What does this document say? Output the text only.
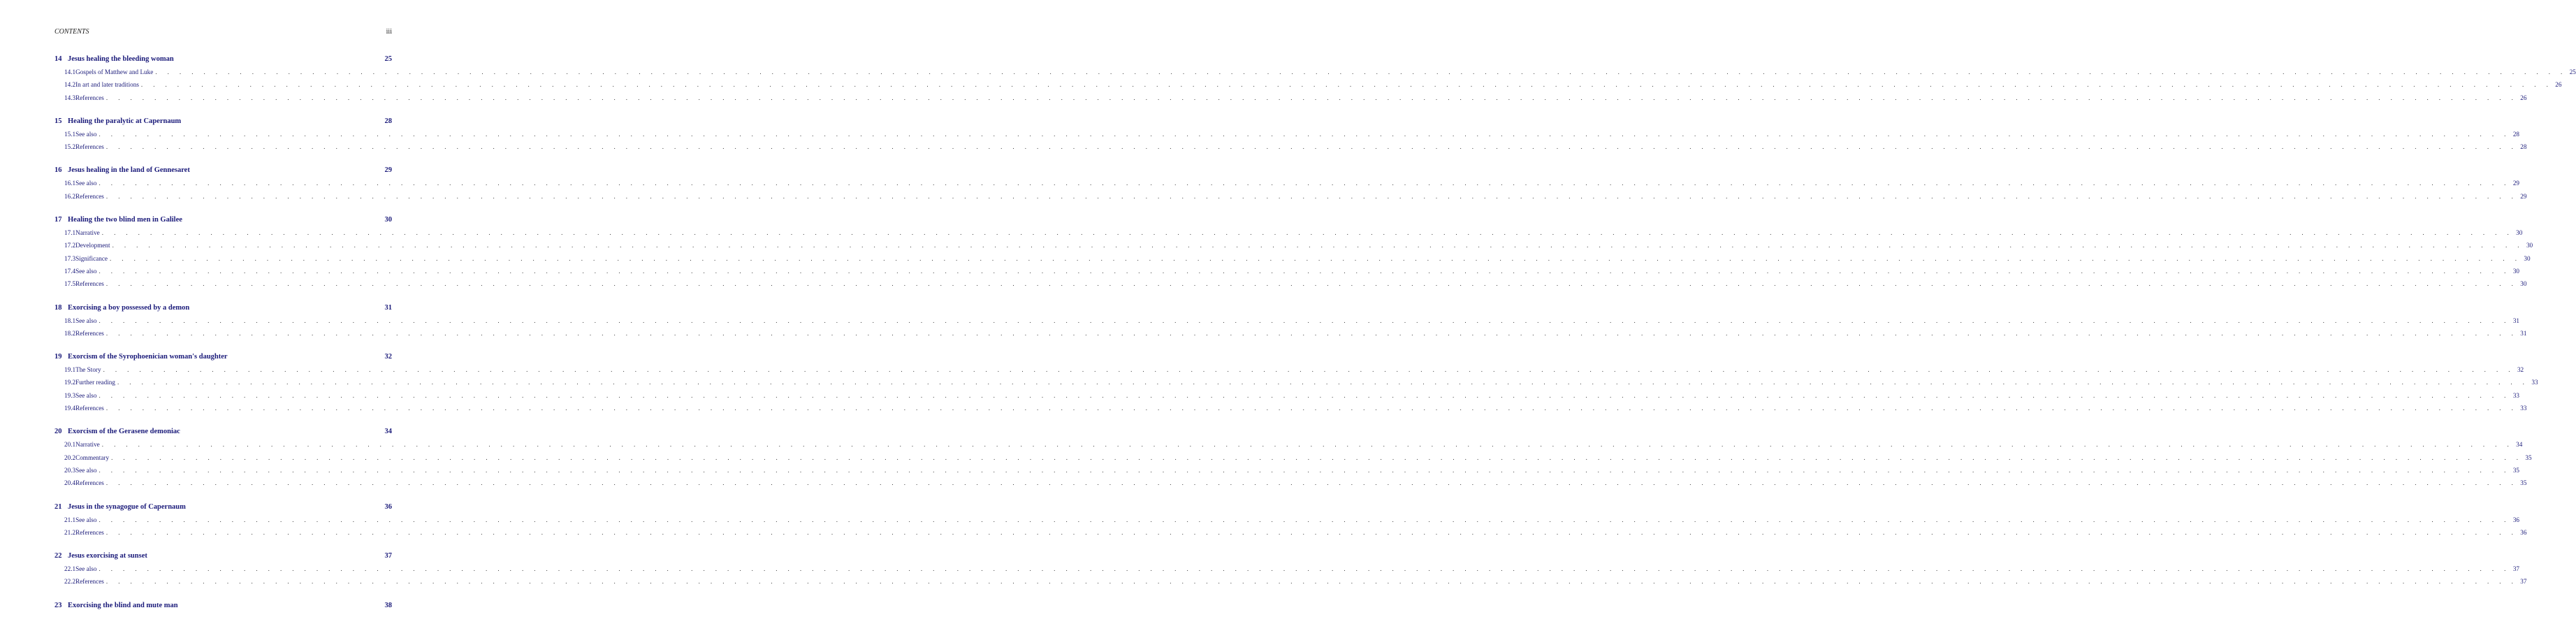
CONTENTS	iii
14 Jesus healing the bleeding woman	25
14.1 Gospels of Matthew and Luke . . . . . . . . . . . . . . . . . . . . . . . . . . . . . . . . . . . . . . . . . . . . . . . . . . . . . . . . . . . . . . . . . . . . . . . . . . . . . . . . . . . . . . . . . . . . . . . . . . . . . . . . . . . . . . . . . . . . . . . . . . . . . . . . . . . . . . . . . . . . . . . . . . . . . . . . . . . . . . . . . . . . . . . . . . . . . . . . . . . . . . . . . . . . . . . . . . . . . . . . 25
14.2 In art and later traditions . . . . . . . . . . . . . . . . . . . . . . . . . . . . . . . . . . . . . . . . . . . . . . . . . . . . . . . . . . . . . . . . . . . . . . . . . . . . . . . . . . . . . . . . . . . . . . . . . . . . . . . . . . . . . . . . . . . . . . . . . . . . . . . . . . . . . . . . . . . . . . . . . . . . . . . . . . . . . . . . . . . . . . . . . . . . . . . . . . . . . . . . . . . . . . . . . . . . . . . . 26
14.3 References . . . . . . . . . . . . . . . . . . . . . . . . . . . . . . . . . . . . . . . . . . . . . . . . . . . . . . . . . . . . . . . . . . . . . . . . . . . . . . . . . . . . . . . . . . . . . . . . . . . . . . . . . . . . . . . . . . . . . . . . . . . . . . . . . . . . . . . . . . . . . . . . . . . . . . . . . . . . . . . . . . . . . . . . . . . . . . . . . . . . . . . . . . . . . . . . . . . . . . . . 26
15 Healing the paralytic at Capernaum	28
15.1 See also . . . . . . . . . . . . . . . . . . . . . . . . . . . . . . . . . . . . . . . . . . . . . . . . . . . . . . . . . . . . . . . . . . . . . . . . . . . . . . . . . . . . . . . . . . . . . . . . . . . . . . . . . . . . . . . . . . . . . . . . . . . . . . . . . . . . . . . . . . . . . . . . . . . . . . . . . . . . . . . . . . . . . . . . . . . . . . . . . . . . . . . . . . . . . . . . . . . . . . . . 28
15.2 References . . . . . . . . . . . . . . . . . . . . . . . . . . . . . . . . . . . . . . . . . . . . . . . . . . . . . . . . . . . . . . . . . . . . . . . . . . . . . . . . . . . . . . . . . . . . . . . . . . . . . . . . . . . . . . . . . . . . . . . . . . . . . . . . . . . . . . . . . . . . . . . . . . . . . . . . . . . . . . . . . . . . . . . . . . . . . . . . . . . . . . . . . . . . . . . . . . . . . . . . 28
16 Jesus healing in the land of Gennesaret	29
16.1 See also . . . . . . . . . . . . . . . . . . . . . . . . . . . . . . . . . . . . . . . . . . . . . . . . . . . . . . . . . . . . . . . . . . . . . . . . . . . . . . . . . . . . . . . . . . . . . . . . . . . . . . . . . . . . . . . . . . . . . . . . . . . . . . . . . . . . . . . . . . . . . . . . . . . . . . . . . . . . . . . . . . . . . . . . . . . . . . . . . . . . . . . . . . . . . . . . . . . . . . . . 29
16.2 References . . . . . . . . . . . . . . . . . . . . . . . . . . . . . . . . . . . . . . . . . . . . . . . . . . . . . . . . . . . . . . . . . . . . . . . . . . . . . . . . . . . . . . . . . . . . . . . . . . . . . . . . . . . . . . . . . . . . . . . . . . . . . . . . . . . . . . . . . . . . . . . . . . . . . . . . . . . . . . . . . . . . . . . . . . . . . . . . . . . . . . . . . . . . . . . . . . . . . . . . 29
17 Healing the two blind men in Galilee	30
17.1 Narrative . . . . . . . . . . . . . . . . . . . . . . . . . . . . . . . . . . . . . . . . . . . . . . . . . . . . . . . . . . . . . . . . . . . . . . . . . . . . . . . . . . . . . . . . . . . . . . . . . . . . . . . . . . . . . . . . . . . . . . . . . . . . . . . . . . . . . . . . . . . . . . . . . . . . . . . . . . . . . . . . . . . . . . . . . . . . . . . . . . . . . . . . . . . . . . . . . . . . . . . . 30
17.2 Development . . . . . . . . . . . . . . . . . . . . . . . . . . . . . . . . . . . . . . . . . . . . . . . . . . . . . . . . . . . . . . . . . . . . . . . . . . . . . . . . . . . . . . . . . . . . . . . . . . . . . . . . . . . . . . . . . . . . . . . . . . . . . . . . . . . . . . . . . . . . . . . . . . . . . . . . . . . . . . . . . . . . . . . . . . . . . . . . . . . . . . . . . . . . . . . . . . . . . . . . 30
17.3 Significance . . . . . . . . . . . . . . . . . . . . . . . . . . . . . . . . . . . . . . . . . . . . . . . . . . . . . . . . . . . . . . . . . . . . . . . . . . . . . . . . . . . . . . . . . . . . . . . . . . . . . . . . . . . . . . . . . . . . . . . . . . . . . . . . . . . . . . . . . . . . . . . . . . . . . . . . . . . . . . . . . . . . . . . . . . . . . . . . . . . . . . . . . . . . . . . . . . . . . . . . 30
17.4 See also . . . . . . . . . . . . . . . . . . . . . . . . . . . . . . . . . . . . . . . . . . . . . . . . . . . . . . . . . . . . . . . . . . . . . . . . . . . . . . . . . . . . . . . . . . . . . . . . . . . . . . . . . . . . . . . . . . . . . . . . . . . . . . . . . . . . . . . . . . . . . . . . . . . . . . . . . . . . . . . . . . . . . . . . . . . . . . . . . . . . . . . . . . . . . . . . . . . . . . . . 30
17.5 References . . . . . . . . . . . . . . . . . . . . . . . . . . . . . . . . . . . . . . . . . . . . . . . . . . . . . . . . . . . . . . . . . . . . . . . . . . . . . . . . . . . . . . . . . . . . . . . . . . . . . . . . . . . . . . . . . . . . . . . . . . . . . . . . . . . . . . . . . . . . . . . . . . . . . . . . . . . . . . . . . . . . . . . . . . . . . . . . . . . . . . . . . . . . . . . . . . . . . . . . 30
18 Exorcising a boy possessed by a demon	31
18.1 See also . . . . . . . . . . . . . . . . . . . . . . . . . . . . . . . . . . . . . . . . . . . . . . . . . . . . . . . . . . . . . . . . . . . . . . . . . . . . . . . . . . . . . . . . . . . . . . . . . . . . . . . . . . . . . . . . . . . . . . . . . . . . . . . . . . . . . . . . . . . . . . . . . . . . . . . . . . . . . . . . . . . . . . . . . . . . . . . . . . . . . . . . . . . . . . . . . . . . . . . . 31
18.2 References . . . . . . . . . . . . . . . . . . . . . . . . . . . . . . . . . . . . . . . . . . . . . . . . . . . . . . . . . . . . . . . . . . . . . . . . . . . . . . . . . . . . . . . . . . . . . . . . . . . . . . . . . . . . . . . . . . . . . . . . . . . . . . . . . . . . . . . . . . . . . . . . . . . . . . . . . . . . . . . . . . . . . . . . . . . . . . . . . . . . . . . . . . . . . . . . . . . . . . . . 31
19 Exorcism of the Syrophoenician woman's daughter	32
19.1 The Story . . . . . . . . . . . . . . . . . . . . . . . . . . . . . . . . . . . . . . . . . . . . . . . . . . . . . . . . . . . . . . . . . . . . . . . . . . . . . . . . . . . . . . . . . . . . . . . . . . . . . . . . . . . . . . . . . . . . . . . . . . . . . . . . . . . . . . . . . . . . . . . . . . . . . . . . . . . . . . . . . . . . . . . . . . . . . . . . . . . . . . . . . . . . . . . . . . . . . . . . 32
19.2 Further reading . . . . . . . . . . . . . . . . . . . . . . . . . . . . . . . . . . . . . . . . . . . . . . . . . . . . . . . . . . . . . . . . . . . . . . . . . . . . . . . . . . . . . . . . . . . . . . . . . . . . . . . . . . . . . . . . . . . . . . . . . . . . . . . . . . . . . . . . . . . . . . . . . . . . . . . . . . . . . . . . . . . . . . . . . . . . . . . . . . . . . . . . . . . . . . . . . . . . . . . . 33
19.3 See also . . . . . . . . . . . . . . . . . . . . . . . . . . . . . . . . . . . . . . . . . . . . . . . . . . . . . . . . . . . . . . . . . . . . . . . . . . . . . . . . . . . . . . . . . . . . . . . . . . . . . . . . . . . . . . . . . . . . . . . . . . . . . . . . . . . . . . . . . . . . . . . . . . . . . . . . . . . . . . . . . . . . . . . . . . . . . . . . . . . . . . . . . . . . . . . . . . . . . . . . 33
19.4 References . . . . . . . . . . . . . . . . . . . . . . . . . . . . . . . . . . . . . . . . . . . . . . . . . . . . . . . . . . . . . . . . . . . . . . . . . . . . . . . . . . . . . . . . . . . . . . . . . . . . . . . . . . . . . . . . . . . . . . . . . . . . . . . . . . . . . . . . . . . . . . . . . . . . . . . . . . . . . . . . . . . . . . . . . . . . . . . . . . . . . . . . . . . . . . . . . . . . . . . . 33
20 Exorcism of the Gerasene demoniac	34
20.1 Narrative . . . . . . . . . . . . . . . . . . . . . . . . . . . . . . . . . . . . . . . . . . . . . . . . . . . . . . . . . . . . . . . . . . . . . . . . . . . . . . . . . . . . . . . . . . . . . . . . . . . . . . . . . . . . . . . . . . . . . . . . . . . . . . . . . . . . . . . . . . . . . . . . . . . . . . . . . . . . . . . . . . . . . . . . . . . . . . . . . . . . . . . . . . . . . . . . . . . . . . . . 34
20.2 Commentary . . . . . . . . . . . . . . . . . . . . . . . . . . . . . . . . . . . . . . . . . . . . . . . . . . . . . . . . . . . . . . . . . . . . . . . . . . . . . . . . . . . . . . . . . . . . . . . . . . . . . . . . . . . . . . . . . . . . . . . . . . . . . . . . . . . . . . . . . . . . . . . . . . . . . . . . . . . . . . . . . . . . . . . . . . . . . . . . . . . . . . . . . . . . . . . . . . . . . . . . 35
20.3 See also . . . . . . . . . . . . . . . . . . . . . . . . . . . . . . . . . . . . . . . . . . . . . . . . . . . . . . . . . . . . . . . . . . . . . . . . . . . . . . . . . . . . . . . . . . . . . . . . . . . . . . . . . . . . . . . . . . . . . . . . . . . . . . . . . . . . . . . . . . . . . . . . . . . . . . . . . . . . . . . . . . . . . . . . . . . . . . . . . . . . . . . . . . . . . . . . . . . . . . . . 35
20.4 References . . . . . . . . . . . . . . . . . . . . . . . . . . . . . . . . . . . . . . . . . . . . . . . . . . . . . . . . . . . . . . . . . . . . . . . . . . . . . . . . . . . . . . . . . . . . . . . . . . . . . . . . . . . . . . . . . . . . . . . . . . . . . . . . . . . . . . . . . . . . . . . . . . . . . . . . . . . . . . . . . . . . . . . . . . . . . . . . . . . . . . . . . . . . . . . . . . . . . . . . 35
21 Jesus in the synagogue of Capernaum	36
21.1 See also . . . . . . . . . . . . . . . . . . . . . . . . . . . . . . . . . . . . . . . . . . . . . . . . . . . . . . . . . . . . . . . . . . . . . . . . . . . . . . . . . . . . . . . . . . . . . . . . . . . . . . . . . . . . . . . . . . . . . . . . . . . . . . . . . . . . . . . . . . . . . . . . . . . . . . . . . . . . . . . . . . . . . . . . . . . . . . . . . . . . . . . . . . . . . . . . . . . . . . . . 36
21.2 References . . . . . . . . . . . . . . . . . . . . . . . . . . . . . . . . . . . . . . . . . . . . . . . . . . . . . . . . . . . . . . . . . . . . . . . . . . . . . . . . . . . . . . . . . . . . . . . . . . . . . . . . . . . . . . . . . . . . . . . . . . . . . . . . . . . . . . . . . . . . . . . . . . . . . . . . . . . . . . . . . . . . . . . . . . . . . . . . . . . . . . . . . . . . . . . . . . . . . . . . 36
22 Jesus exorcising at sunset	37
22.1 See also . . . . . . . . . . . . . . . . . . . . . . . . . . . . . . . . . . . . . . . . . . . . . . . . . . . . . . . . . . . . . . . . . . . . . . . . . . . . . . . . . . . . . . . . . . . . . . . . . . . . . . . . . . . . . . . . . . . . . . . . . . . . . . . . . . . . . . . . . . . . . . . . . . . . . . . . . . . . . . . . . . . . . . . . . . . . . . . . . . . . . . . . . . . . . . . . . . . . . . . . 37
22.2 References . . . . . . . . . . . . . . . . . . . . . . . . . . . . . . . . . . . . . . . . . . . . . . . . . . . . . . . . . . . . . . . . . . . . . . . . . . . . . . . . . . . . . . . . . . . . . . . . . . . . . . . . . . . . . . . . . . . . . . . . . . . . . . . . . . . . . . . . . . . . . . . . . . . . . . . . . . . . . . . . . . . . . . . . . . . . . . . . . . . . . . . . . . . . . . . . . . . . . . . . 37
23 Exorcising the blind and mute man	38
